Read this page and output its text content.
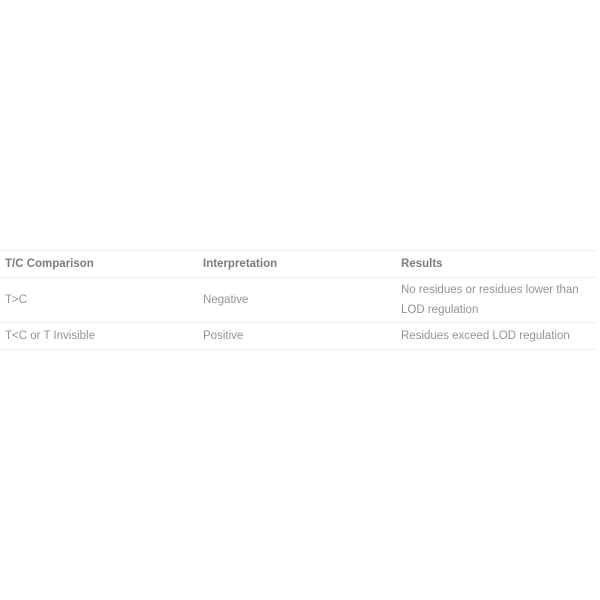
T/C Comparison	Interpretation	Results
T>C	Negative	No residues or residues lower than LOD regulation
T<C or T Invisible	Positive	Residues exceed LOD regulation
